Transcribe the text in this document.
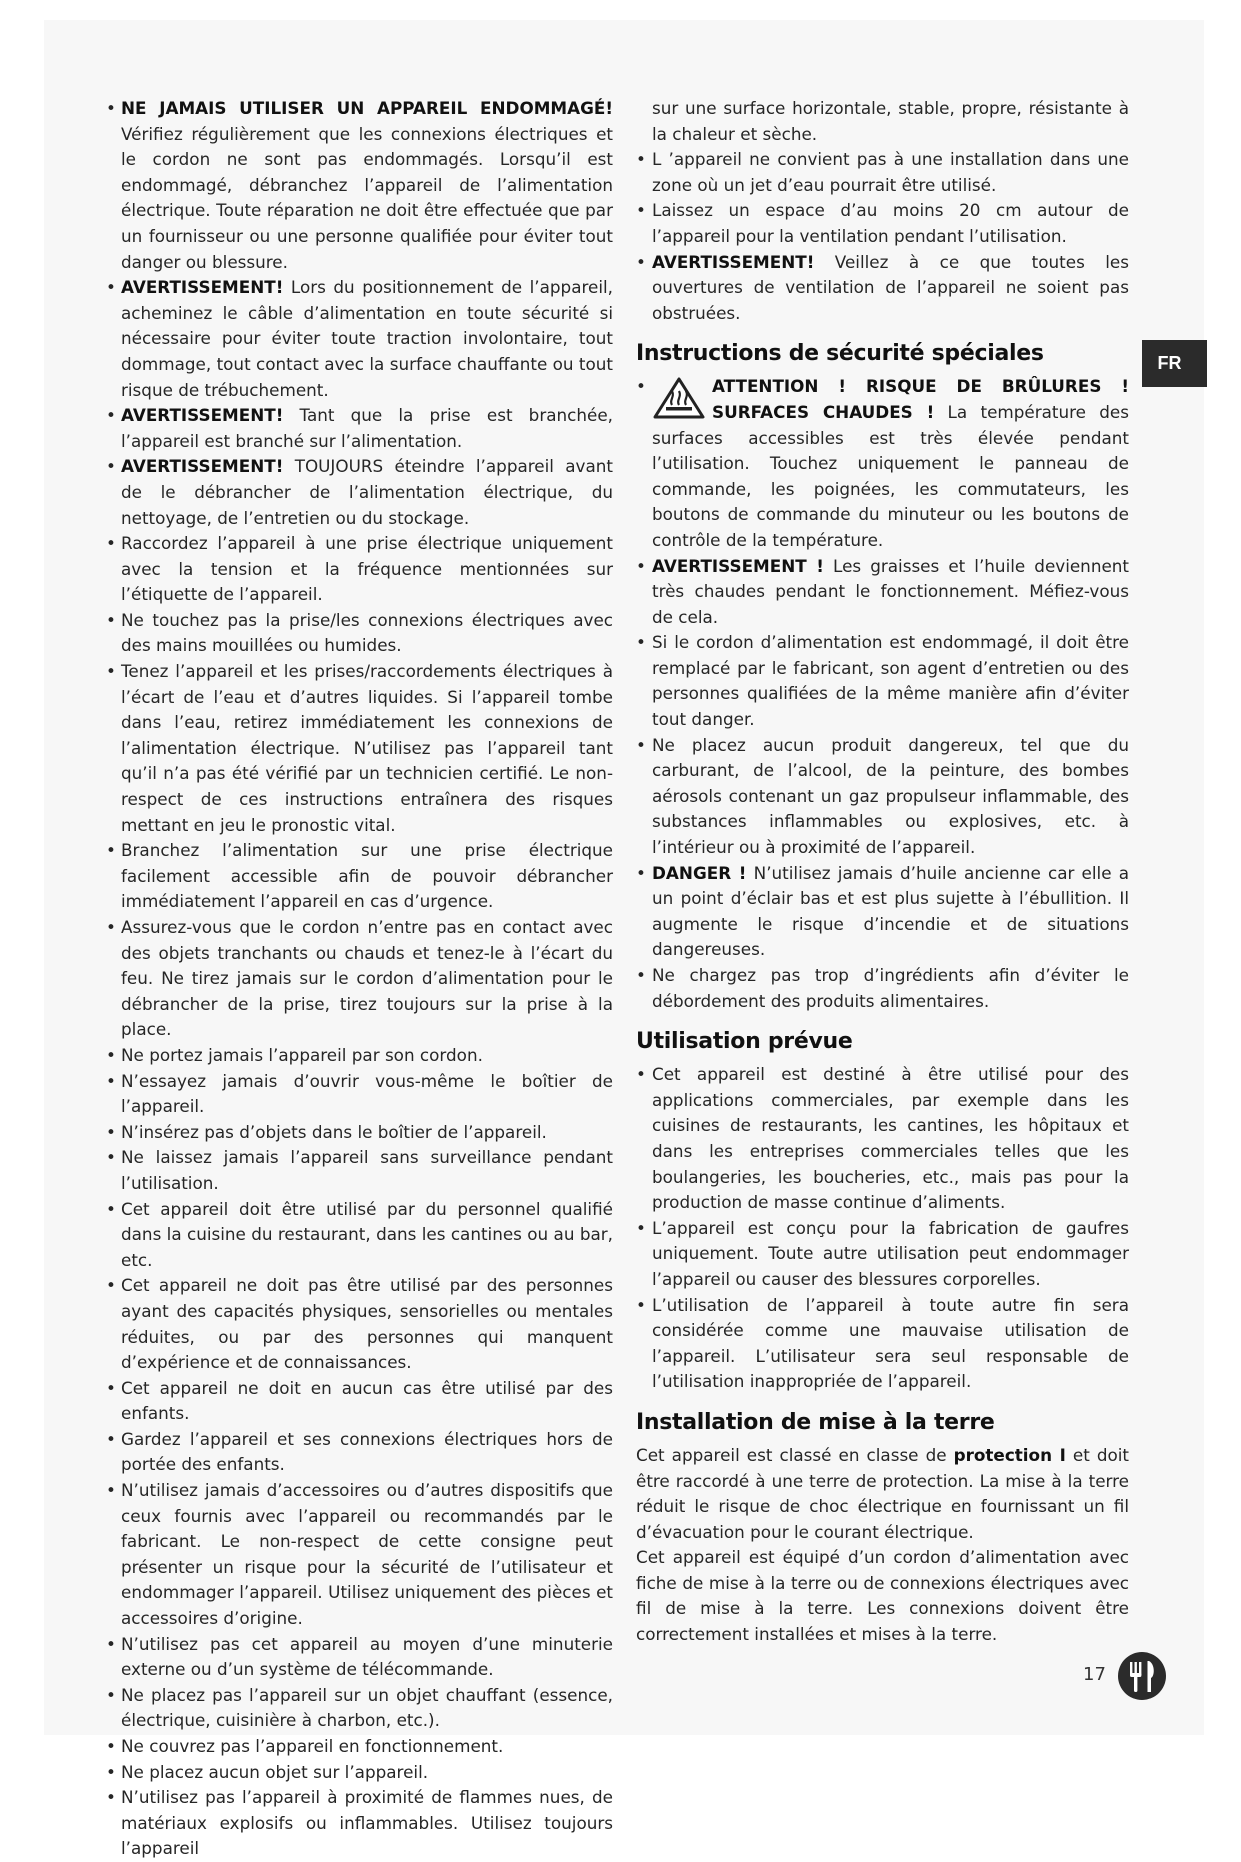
• NE JAMAIS UTILISER UN APPAREIL ENDOMMAGÉ! Vérifiez régulièrement que les connexions électriques et le cordon ne sont pas endommagés. Lorsqu’il est endommagé, débranchez l’appareil de l’alimentation électrique. Toute réparation ne doit être effectuée que par un fournisseur ou une personne qualifiée pour éviter tout danger ou blessure.
• AVERTISSEMENT! Lors du positionnement de l’appareil, acheminez le câble d’alimentation en toute sécurité si nécessaire pour éviter toute traction involontaire, tout dommage, tout contact avec la surface chauffante ou tout risque de trébuchement.
• AVERTISSEMENT! Tant que la prise est branchée, l’appareil est branché sur l’alimentation.
• AVERTISSEMENT! TOUJOURS éteindre l’appareil avant de le débrancher de l’alimentation électrique, du nettoyage, de l’entretien ou du stockage.
• Raccordez l’appareil à une prise électrique uniquement avec la tension et la fréquence mentionnées sur l’étiquette de l’appareil.
• Ne touchez pas la prise/les connexions électriques avec des mains mouillées ou humides.
• Tenez l’appareil et les prises/raccordements électriques à l’écart de l’eau et d’autres liquides. Si l’appareil tombe dans l’eau, retirez immédiatement les connexions de l’alimentation électrique. N’utilisez pas l’appareil tant qu’il n’a pas été vérifié par un technicien certifié. Le non-respect de ces instructions entraînera des risques mettant en jeu le pronostic vital.
• Branchez l’alimentation sur une prise électrique facilement accessible afin de pouvoir débrancher immédiatement l’appareil en cas d’urgence.
• Assurez-vous que le cordon n’entre pas en contact avec des objets tranchants ou chauds et tenez-le à l’écart du feu. Ne tirez jamais sur le cordon d’alimentation pour le débrancher de la prise, tirez toujours sur la prise à la place.
• Ne portez jamais l’appareil par son cordon.
• N’essayez jamais d’ouvrir vous-même le boîtier de l’appareil.
• N’insérez pas d’objets dans le boîtier de l’appareil.
• Ne laissez jamais l’appareil sans surveillance pendant l’utilisation.
• Cet appareil doit être utilisé par du personnel qualifié dans la cuisine du restaurant, dans les cantines ou au bar, etc.
• Cet appareil ne doit pas être utilisé par des personnes ayant des capacités physiques, sensorielles ou mentales réduites, ou par des personnes qui manquent d’expérience et de connaissances.
• Cet appareil ne doit en aucun cas être utilisé par des enfants.
• Gardez l’appareil et ses connexions électriques hors de portée des enfants.
• N’utilisez jamais d’accessoires ou d’autres dispositifs que ceux fournis avec l’appareil ou recommandés par le fabricant. Le non-respect de cette consigne peut présenter un risque pour la sécurité de l’utilisateur et endommager l’appareil. Utilisez uniquement des pièces et accessoires d’origine.
• N’utilisez pas cet appareil au moyen d’une minuterie externe ou d’un système de télécommande.
• Ne placez pas l’appareil sur un objet chauffant (essence, électrique, cuisinière à charbon, etc.).
• Ne couvrez pas l’appareil en fonctionnement.
• Ne placez aucun objet sur l’appareil.
• N’utilisez pas l’appareil à proximité de flammes nues, de matériaux explosifs ou inflammables. Utilisez toujours l’appareil
sur une surface horizontale, stable, propre, résistante à la chaleur et sèche.
• L ’appareil ne convient pas à une installation dans une zone où un jet d’eau pourrait être utilisé.
• Laissez un espace d’au moins 20 cm autour de l’appareil pour la ventilation pendant l’utilisation.
• AVERTISSEMENT! Veillez à ce que toutes les ouvertures de ventilation de l’appareil ne soient pas obstruées.
Instructions de sécurité spéciales
• ATTENTION ! RISQUE DE BRÛLURES ! SURFACES CHAUDES ! La température des surfaces accessibles est très élevée pendant l’utilisation. Touchez uniquement le panneau de commande, les poignées, les commutateurs, les boutons de commande du minuteur ou les boutons de contrôle de la température.
• AVERTISSEMENT ! Les graisses et l’huile deviennent très chaudes pendant le fonctionnement. Méfiez-vous de cela.
• Si le cordon d’alimentation est endommagé, il doit être remplacé par le fabricant, son agent d’entretien ou des personnes qualifiées de la même manière afin d’éviter tout danger.
• Ne placez aucun produit dangereux, tel que du carburant, de l’alcool, de la peinture, des bombes aérosols contenant un gaz propulseur inflammable, des substances inflammables ou explosives, etc. à l’intérieur ou à proximité de l’appareil.
• DANGER ! N’utilisez jamais d’huile ancienne car elle a un point d’éclair bas et est plus sujette à l’ébullition. Il augmente le risque d’incendie et de situations dangereuses.
• Ne chargez pas trop d’ingrédients afin d’éviter le débordement des produits alimentaires.
Utilisation prévue
• Cet appareil est destiné à être utilisé pour des applications commerciales, par exemple dans les cuisines de restaurants, les cantines, les hôpitaux et dans les entreprises commerciales telles que les boulangeries, les boucheries, etc., mais pas pour la production de masse continue d’aliments.
• L’appareil est conçu pour la fabrication de gaufres uniquement. Toute autre utilisation peut endommager l’appareil ou causer des blessures corporelles.
• L’utilisation de l’appareil à toute autre fin sera considérée comme une mauvaise utilisation de l’appareil. L’utilisateur sera seul responsable de l’utilisation inappropriée de l’appareil.
Installation de mise à la terre
Cet appareil est classé en classe de protection I et doit être raccordé à une terre de protection. La mise à la terre réduit le risque de choc électrique en fournissant un fil d’évacuation pour le courant électrique.
Cet appareil est équipé d’un cordon d’alimentation avec fiche de mise à la terre ou de connexions électriques avec fil de mise à la terre. Les connexions doivent être correctement installées et mises à la terre.
FR
17
